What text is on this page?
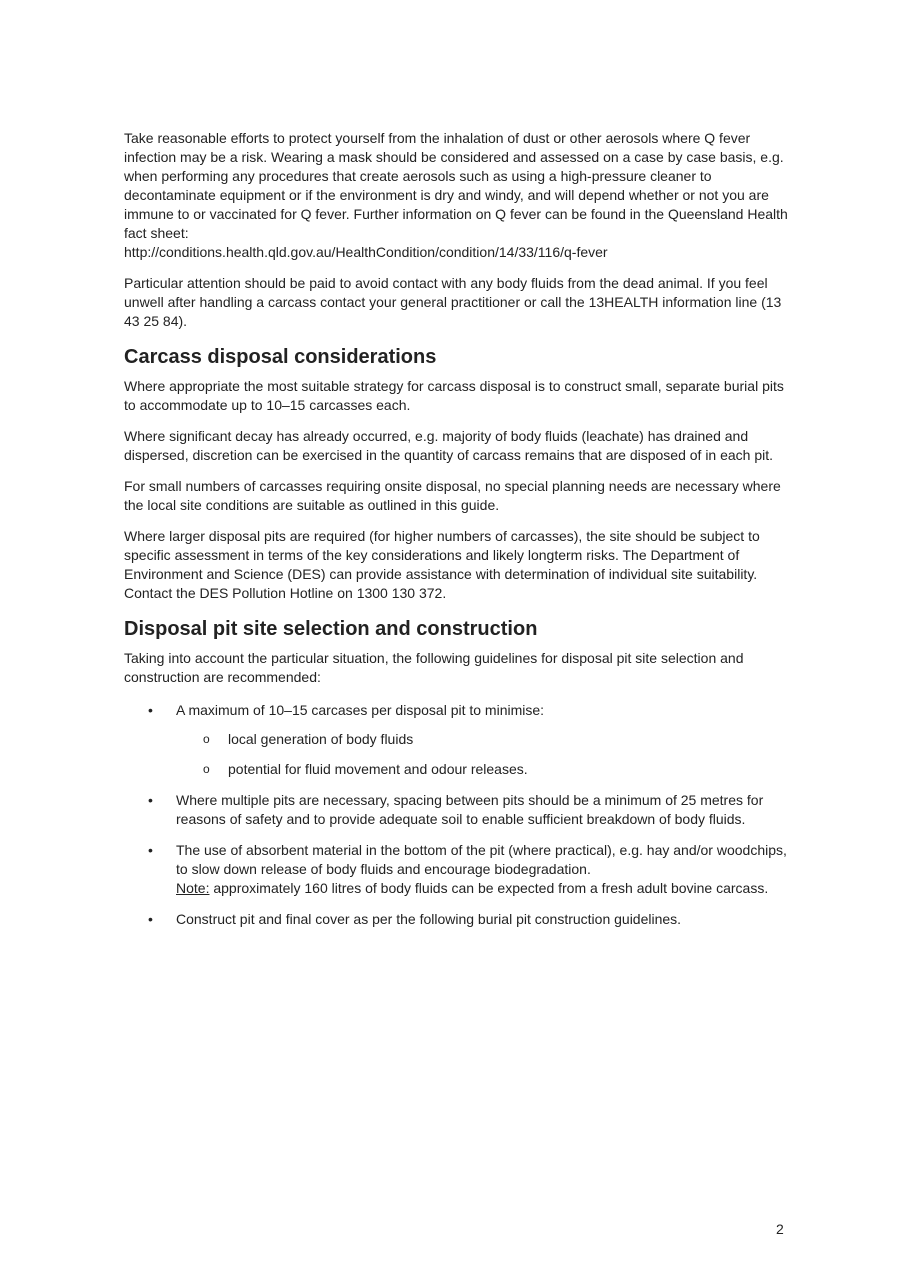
Take reasonable efforts to protect yourself from the inhalation of dust or other aerosols where Q fever infection may be a risk. Wearing a mask should be considered and assessed on a case by case basis, e.g. when performing any procedures that create aerosols such as using a high-pressure cleaner to decontaminate equipment or if the environment is dry and windy, and will depend whether or not you are immune to or vaccinated for Q fever. Further information on Q fever can be found in the Queensland Health fact sheet:

http://conditions.health.qld.gov.au/HealthCondition/condition/14/33/116/q-fever

Particular attention should be paid to avoid contact with any body fluids from the dead animal. If you feel unwell after handling a carcass contact your general practitioner or call the 13HEALTH information line (13 43 25 84).

Carcass disposal considerations

Where appropriate the most suitable strategy for carcass disposal is to construct small, separate burial pits to accommodate up to 10–15 carcasses each.

Where significant decay has already occurred, e.g. majority of body fluids (leachate) has drained and dispersed, discretion can be exercised in the quantity of carcass remains that are disposed of in each pit.

For small numbers of carcasses requiring onsite disposal, no special planning needs are necessary where the local site conditions are suitable as outlined in this guide.

Where larger disposal pits are required (for higher numbers of carcasses), the site should be subject to specific assessment in terms of the key considerations and likely longterm risks. The Department of Environment and Science (DES) can provide assistance with determination of individual site suitability. Contact the DES Pollution Hotline on 1300 130 372.

Disposal pit site selection and construction

Taking into account the particular situation, the following guidelines for disposal pit site selection and construction are recommended:

• A maximum of 10–15 carcases per disposal pit to minimise:
o local generation of body fluids
o potential for fluid movement and odour releases.
• Where multiple pits are necessary, spacing between pits should be a minimum of 25 metres for reasons of safety and to provide adequate soil to enable sufficient breakdown of body fluids.
• The use of absorbent material in the bottom of the pit (where practical), e.g. hay and/or woodchips, to slow down release of body fluids and encourage biodegradation.
Note: approximately 160 litres of body fluids can be expected from a fresh adult bovine carcass.
• Construct pit and final cover as per the following burial pit construction guidelines.
2
